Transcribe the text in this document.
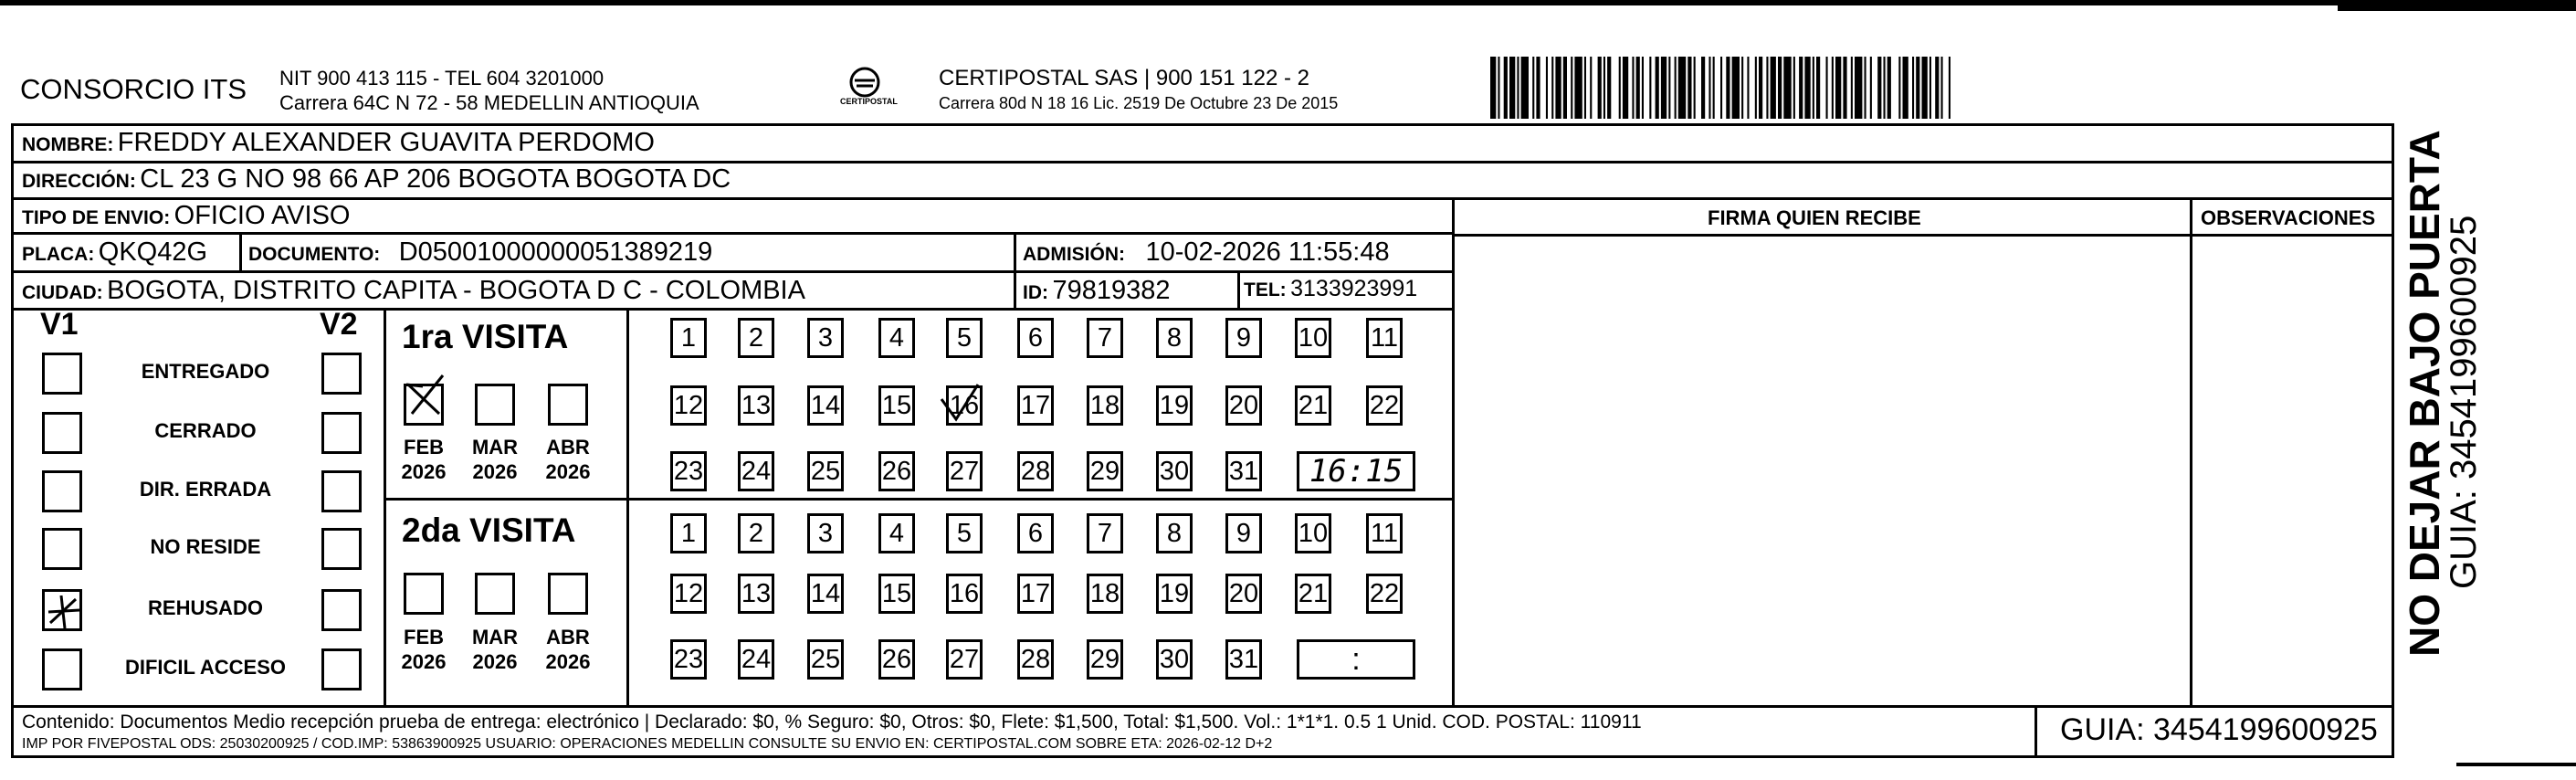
CONSORCIO ITS NIT 900 413 115 - TEL 604 3201000
Carrera 64C N 72 - 58 MEDELLIN ANTIOQUIA	CERTIPOSTAL
CERTIPOSTAL SAS | 900 151 122 - 2
Carrera 80d N 18 16 Lic. 2519 De Octubre 23 De 2015
NOMBRE: FREDDY ALEXANDER GUAVITA PERDOMO
DIRECCIÓN: CL 23 G NO 98 66 AP 206 BOGOTA BOGOTA DC
TIPO DE ENVIO: OFICIO AVISO	FIRMA QUIEN RECIBE	OBSERVACIONES
PLACA: QKQ42G DOCUMENTO: D05001000000051389219	ADMISIÓN: 10-02-2026 11:55:48
CIUDAD: BOGOTA, DISTRITO CAPITA - BOGOTA D C - COLOMBIA	ID: 79819382	TEL: 3133923991
V1	V2
ENTREGADO
CERRADO
DIR. ERRADA
NO RESIDE
REHUSADO
DIFICIL ACCESO
1ra VISITA
FEB
2026
MAR
2026
ABR
2026
1	2	3	4	5	6	7	8	9	10 11
12 13 14 15 16 17 18 19 20 21 22
23 24 25 26 27 28 29 30 31	16:15
2da VISITA
FEB
2026
MAR
2026
ABR
2026
1	2	3	4	5	6	7	8	9	10 11
12 13 14 15 16 17 18 19 20 21 22
23 24 25 26 27 28 29 30 31	:
Contenido: Documentos Medio recepción prueba de entrega: electrónico | Declarado: $0, % Seguro: $0, Otros: $0, Flete: $1,500, Total: $1,500. Vol.: 1*1*1. 0.5 1 Unid. COD. POSTAL: 110911
IMP POR FIVEPOSTAL ODS: 25030200925 / COD.IMP: 53863900925 USUARIO: OPERACIONES MEDELLIN CONSULTE SU ENVIO EN: CERTIPOSTAL.COM SOBRE ETA: 2026-02-12 D+2	GUIA: 3454199600925
NO DEJAR BAJO PUERTA
GUIA: 3454199600925
